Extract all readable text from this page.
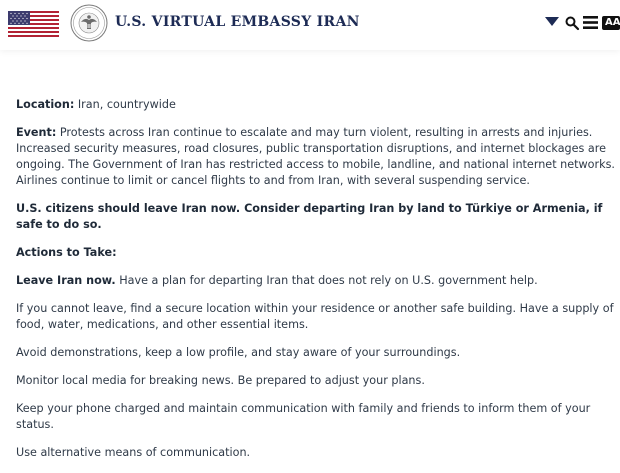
U.S. VIRTUAL EMBASSY IRAN	AA

Location: Iran, countrywide

Event: Protests across Iran continue to escalate and may turn violent, resulting in arrests and injuries. Increased security measures, road closures, public transportation disruptions, and internet blockages are ongoing. The Government of Iran has restricted access to mobile, landline, and national internet networks. Airlines continue to limit or cancel flights to and from Iran, with several suspending service.

U.S. citizens should leave Iran now. Consider departing Iran by land to Türkiye or Armenia, if safe to do so.

Actions to Take:

Leave Iran now. Have a plan for departing Iran that does not rely on U.S. government help.

If you cannot leave, find a secure location within your residence or another safe building. Have a supply of food, water, medications, and other essential items.

Avoid demonstrations, keep a low profile, and stay aware of your surroundings.

Monitor local media for breaking news. Be prepared to adjust your plans.

Keep your phone charged and maintain communication with family and friends to inform them of your status.

Use alternative means of communication.
